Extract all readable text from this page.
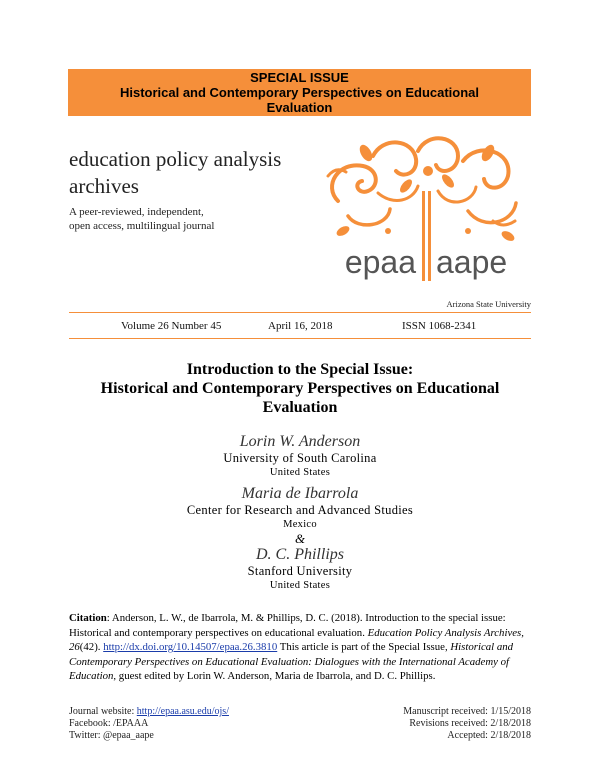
SPECIAL ISSUE
Historical and Contemporary Perspectives on Educational
Evaluation
education policy analysis
archives
A peer-reviewed, independent,
open access, multilingual journal
epaa aape
Arizona State University
Volume 26 Number 45	April 16, 2018	ISSN 1068-2341
Introduction to the Special Issue:
Historical and Contemporary Perspectives on Educational
Evaluation
Lorin W. Anderson
University of South Carolina
United States
Maria de Ibarrola
Center for Research and Advanced Studies
Mexico
&
D. C. Phillips
Stanford University
United States
Citation: Anderson, L. W., de Ibarrola, M. & Phillips, D. C. (2018). Introduction to the special issue: Historical and contemporary perspectives on educational evaluation. Education Policy Analysis Archives, 26(42). http://dx.doi.org/10.14507/epaa.26.3810 This article is part of the Special Issue, Historical and Contemporary Perspectives on Educational Evaluation: Dialogues with the International Academy of Education, guest edited by Lorin W. Anderson, Maria de Ibarrola, and D. C. Phillips.
Journal website: http://epaa.asu.edu/ojs/
Facebook: /EPAAA
Twitter: @epaa_aape
Manuscript received: 1/15/2018
Revisions received: 2/18/2018
Accepted: 2/18/2018
